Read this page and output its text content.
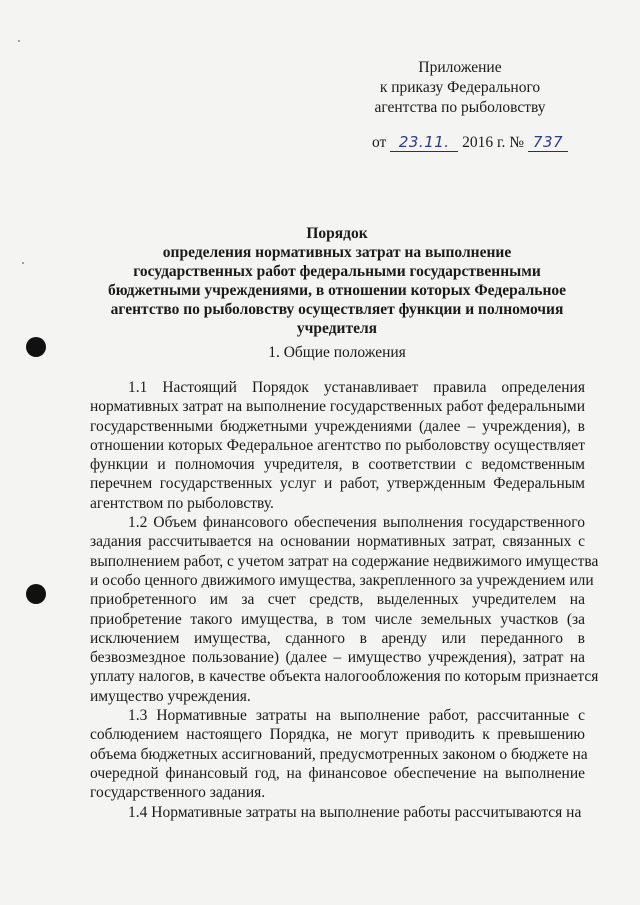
Приложение
к приказу Федерального
агентства по рыболовству
от 23.11. 2016 г. № 737
Порядок
определения нормативных затрат на выполнение
государственных работ федеральными государственными
бюджетными учреждениями, в отношении которых Федеральное
агентство по рыболовству осуществляет функции и полномочия
учредителя
1. Общие положения
1.1 Настоящий Порядок устанавливает правила определения
нормативных затрат на выполнение государственных работ федеральными
государственными бюджетными учреждениями (далее – учреждения), в
отношении которых Федеральное агентство по рыболовству осуществляет
функции и полномочия учредителя, в соответствии с ведомственным
перечнем государственных услуг и работ, утвержденным Федеральным
агентством по рыболовству.
1.2 Объем финансового обеспечения выполнения государственного
задания рассчитывается на основании нормативных затрат, связанных с
выполнением работ, с учетом затрат на содержание недвижимого имущества
и особо ценного движимого имущества, закрепленного за учреждением или
приобретенного им за счет средств, выделенных учредителем на
приобретение такого имущества, в том числе земельных участков (за
исключением имущества, сданного в аренду или переданного в
безвозмездное пользование) (далее – имущество учреждения), затрат на
уплату налогов, в качестве объекта налогообложения по которым признается
имущество учреждения.
1.3 Нормативные затраты на выполнение работ, рассчитанные с
соблюдением настоящего Порядка, не могут приводить к превышению
объема бюджетных ассигнований, предусмотренных законом о бюджете на
очередной финансовый год, на финансовое обеспечение на выполнение
государственного задания.
1.4 Нормативные затраты на выполнение работы рассчитываются на
